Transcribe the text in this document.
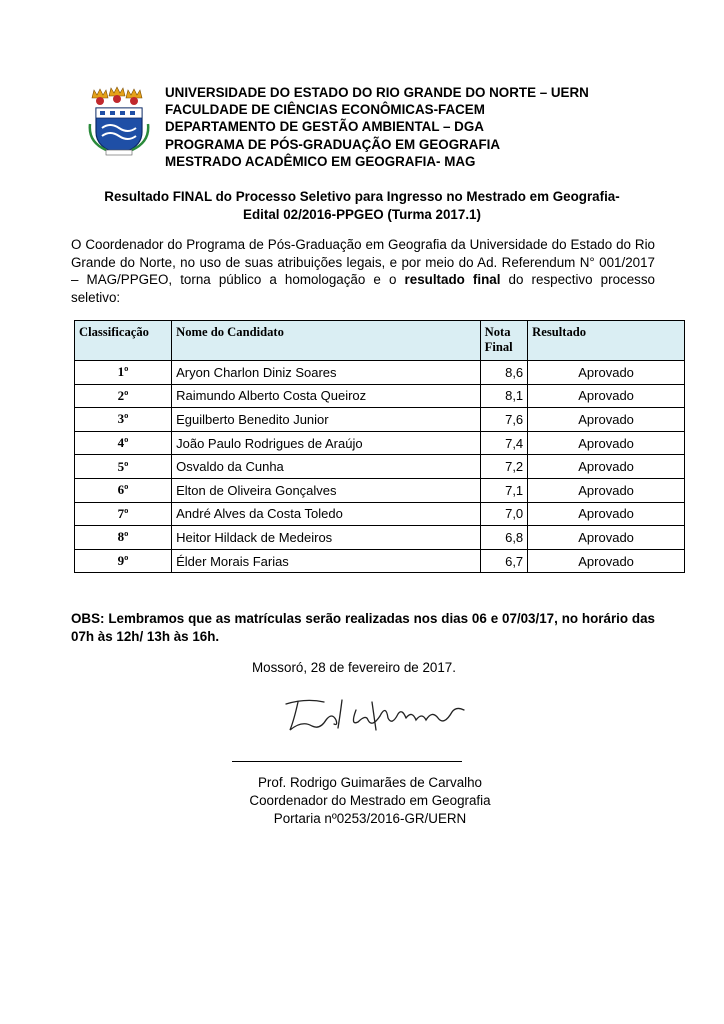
UNIVERSIDADE DO ESTADO DO RIO GRANDE DO NORTE – UERN
FACULDADE DE CIÊNCIAS ECONÔMICAS-FACEM
DEPARTAMENTO DE GESTÃO AMBIENTAL – DGA
PROGRAMA DE PÓS-GRADUAÇÃO EM GEOGRAFIA
MESTRADO ACADÊMICO EM GEOGRAFIA- MAG
Resultado FINAL do Processo Seletivo para Ingresso no Mestrado em Geografia-
Edital 02/2016-PPGEO (Turma 2017.1)
O Coordenador do Programa de Pós-Graduação em Geografia da Universidade do Estado do Rio Grande do Norte, no uso de suas atribuições legais, e por meio do Ad. Referendum N° 001/2017 – MAG/PPGEO, torna público a homologação e o resultado final do respectivo processo seletivo:
Classificação	Nome do Candidato	Nota Final	Resultado
1º	Aryon Charlon Diniz Soares	8,6	Aprovado
2º	Raimundo Alberto Costa Queiroz	8,1	Aprovado
3º	Eguilberto Benedito Junior	7,6	Aprovado
4º	João Paulo Rodrigues de Araújo	7,4	Aprovado
5º	Osvaldo da Cunha	7,2	Aprovado
6º	Elton de Oliveira Gonçalves	7,1	Aprovado
7º	André Alves da Costa Toledo	7,0	Aprovado
8º	Heitor Hildack de Medeiros	6,8	Aprovado
9º	Élder Morais Farias	6,7	Aprovado
OBS: Lembramos que as matrículas serão realizadas nos dias 06 e 07/03/17, no horário das 07h às 12h/ 13h às 16h.
Mossoró, 28 de fevereiro de 2017.
Prof. Rodrigo Guimarães de Carvalho
Coordenador do Mestrado em Geografia
Portaria nº0253/2016-GR/UERN
